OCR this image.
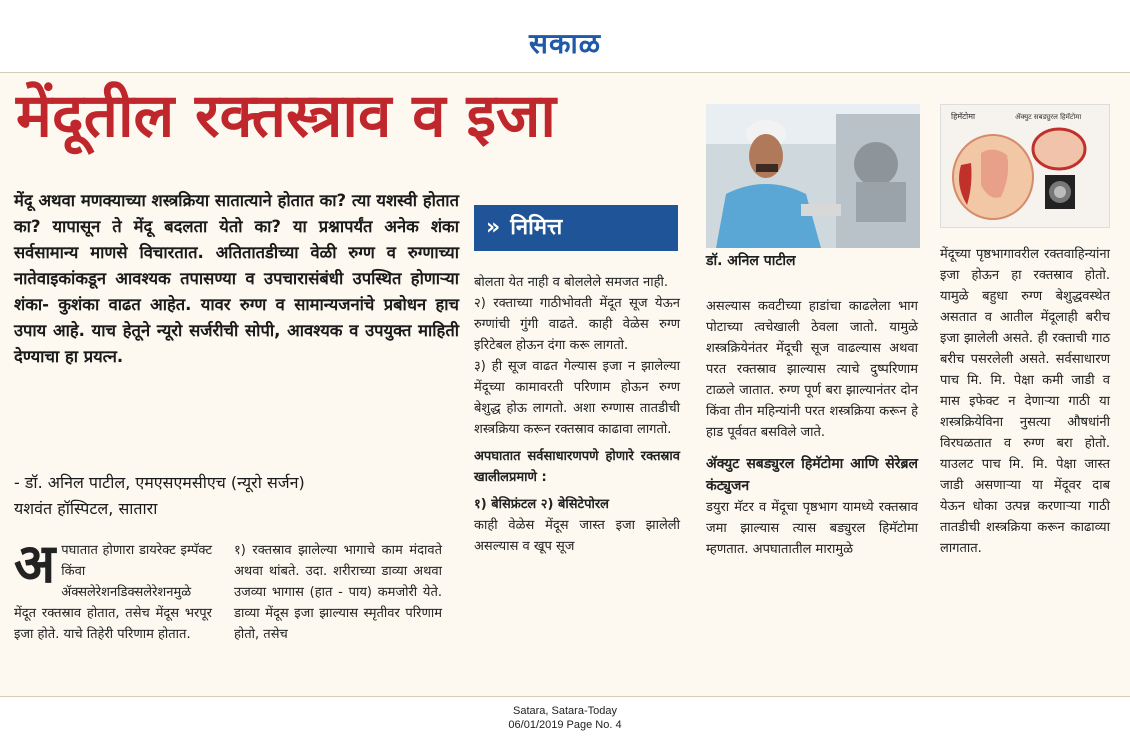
सकाळ
मेंदूतील रक्तस्त्राव व इजा
मेंदू अथवा मणक्याच्या शस्त्रक्रिया सातात्याने होतात का? त्या यशस्वी होतात का? यापासून ते मेंदू बदलता येतो का? या प्रश्नापर्यंत अनेक शंका सर्वसामान्य माणसे विचारतात. अतितातडीच्या वेळी रुग्ण व रुग्णाच्या नातेवाइकांकडून आवश्यक तपासण्या व उपचारासंबंधी उपस्थित होणाऱ्या शंका- कुशंका वाढत आहेत. यावर रुग्ण व सामान्यजनांचे प्रबोधन हाच उपाय आहे. याच हेतूने न्यूरो सर्जरीची सोपी, आवश्यक व उपयुक्त माहिती देण्याचा हा प्रयत्न.
- डॉ. अनिल पाटील, एमएसएमसीएच (न्यूरो सर्जन)
यशवंत हॉस्पिटल, सातारा
अ पघातात होणारा डायरेक्ट इम्पॅक्ट किंवा ॲक्सलेरेशनडिक्सलेरेशनमुळे मेंदूत रक्तस्राव होतात, तसेच मेंदूस भरपूर इजा होते. याचे तिहेरी परिणाम होतात.

१) रक्तस्राव झालेल्या भागाचे काम मंदावते अथवा थांबते. उदा. शरीराच्या डाव्या अथवा उजव्या भागास (हात - पाय) कमजोरी येते. डाव्या मेंदूस इजा झाल्यास स्मृतीवर परिणाम होतो, तसेच

» निमित्त

बोलता येत नाही व बोललेले समजत नाही.

२) रक्ताच्या गाठीभोवती मेंदूत सूज येऊन रुग्णांची गुंगी वाढते. काही वेळेस रुग्ण इरिटेबल होऊन दंगा करू लागतो.

३) ही सूज वाढत गेल्यास इजा न झालेल्या मेंदूच्या कामावरती परिणाम होऊन रुग्ण बेशुद्ध होऊ लागतो. अशा रुग्णास तातडीची शस्त्रक्रिया करून रक्तस्राव काढावा लागतो.

अपघातात सर्वसाधारणपणे होणारे रक्तस्राव खालीलप्रमाणे :

१) बेसिफ्रंटल २) बेसिटेपोरल

काही वेळेस मेंदूस जास्त इजा झालेली असल्यास व खूप सूज

डॉ. अनिल पाटील

असल्यास कवटीच्या हाडांचा काढलेला भाग पोटाच्या त्वचेखाली ठेवला जातो. यामुळे शस्त्रक्रियेनंतर मेंदूची सूज वाढल्यास अथवा परत रक्तस्राव झाल्यास त्याचे दुष्परिणाम टाळले जातात. रुग्ण पूर्ण बरा झाल्यानंतर दोन किंवा तीन महिन्यांनी परत शस्त्रक्रिया करून हे हाड पूर्ववत बसविले जाते.

ॲक्युट सबड्युरल हिमॅटोमा आणि सेरेब्रल कंट्युजन

डयुरा मॅटर व मेंदूचा पृष्ठभाग यामध्ये रक्तस्राव जमा झाल्यास त्यास बड्युरल हिमॅटोमा म्हणतात. अपघातातील मारामुळे

हिमॅटोमा	ॲक्युट सबड्युरल हिमॅटोमा

मेंदूच्या पृष्ठभागावरील रक्तवाहिन्यांना इजा होऊन हा रक्तस्राव होतो. यामुळे बहुधा रुग्ण बेशुद्धवस्थेत असतात व आतील मेंदूलाही बरीच इजा झालेली असते. ही रक्ताची गाठ बरीच पसरलेली असते. सर्वसाधारण पाच मि. मि. पेक्षा कमी जाडी व मास इफेक्ट न देणाऱ्या गाठी या शस्त्रक्रियेविना नुसत्या औषधांनी विरघळतात व रुग्ण बरा होतो. याउलट पाच मि. मि. पेक्षा जास्त जाडी असणाऱ्या या मेंदूवर दाब येऊन धोका उत्पन्न करणाऱ्या गाठी तातडीची शस्त्रक्रिया करून काढाव्या लागतात.

Satara, Satara-Today
06/01/2019 Page No. 4
